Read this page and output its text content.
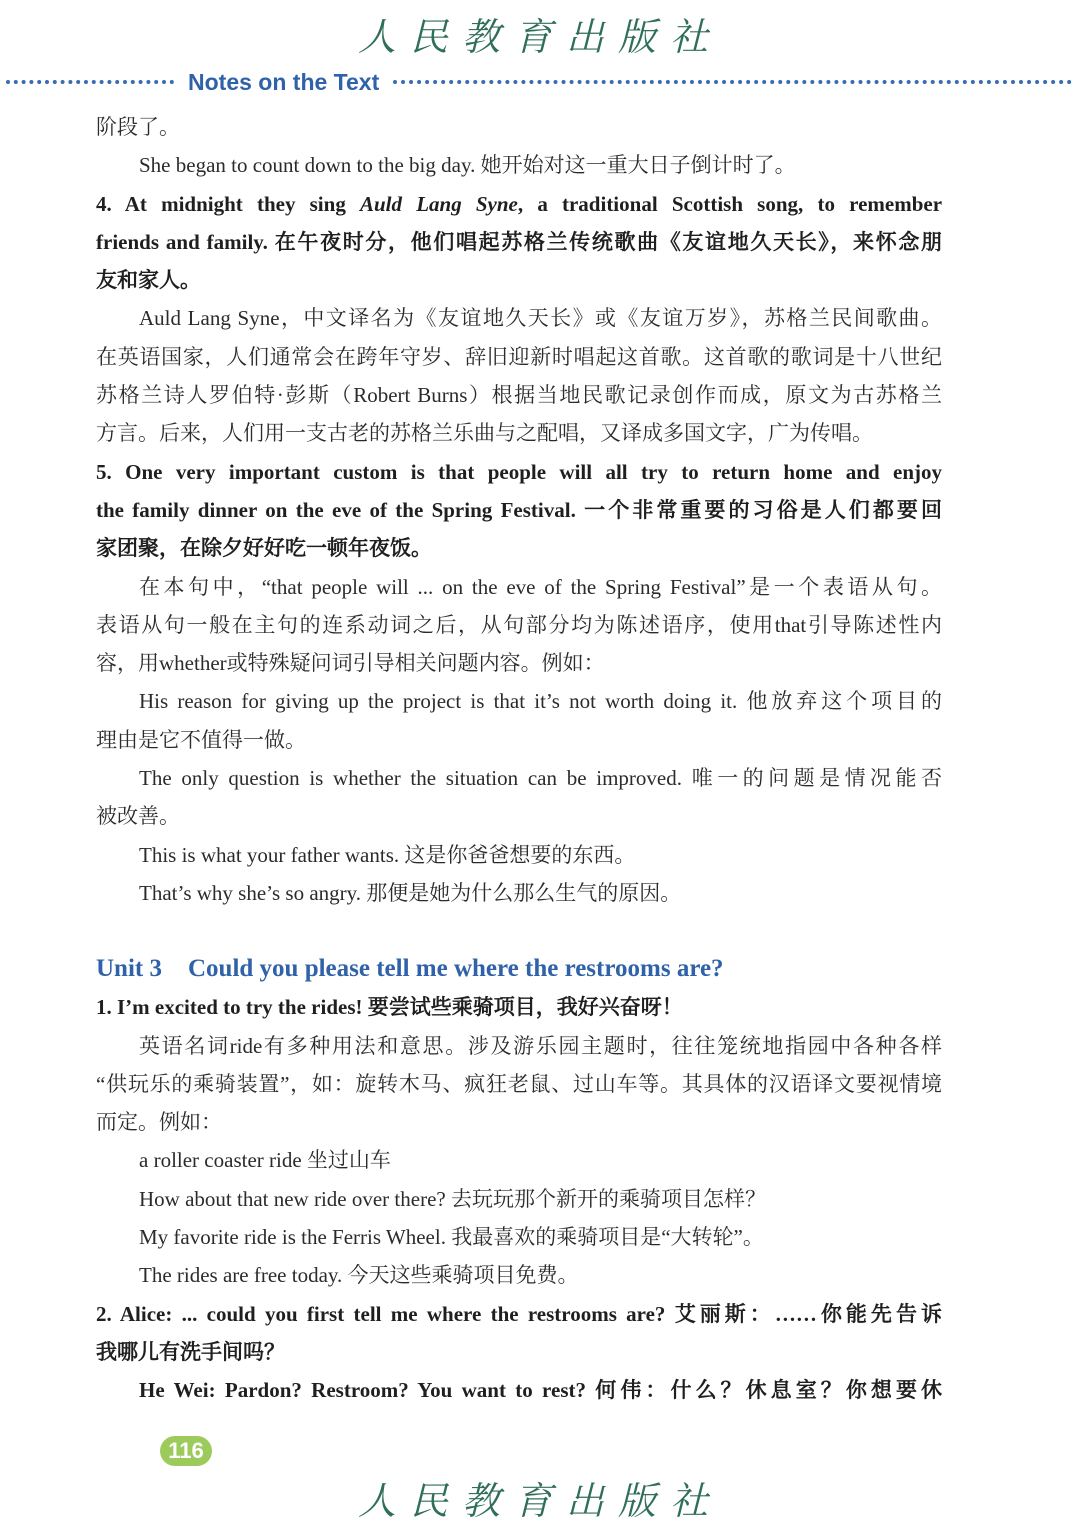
人民教育出版社
Notes on the Text
阶段了。
She began to count down to the big day. 她开始对这一重大日子倒计时了。
4. At midnight they sing Auld Lang Syne, a traditional Scottish song, to remember
friends and family. 在午夜时分，他们唱起苏格兰传统歌曲《友谊地久天长》，来怀念朋
友和家人。
Auld Lang Syne，中文译名为《友谊地久天长》或《友谊万岁》，苏格兰民间歌曲。
在英语国家，人们通常会在跨年守岁、辞旧迎新时唱起这首歌。这首歌的歌词是十八世纪
苏格兰诗人罗伯特·彭斯（Robert Burns）根据当地民歌记录创作而成，原文为古苏格兰
方言。后来，人们用一支古老的苏格兰乐曲与之配唱，又译成多国文字，广为传唱。
5. One very important custom is that people will all try to return home and enjoy
the family dinner on the eve of the Spring Festival. 一个非常重要的习俗是人们都要回
家团聚，在除夕好好吃一顿年夜饭。
在本句中，“that people will ... on the eve of the Spring Festival”是一个表语从句。
表语从句一般在主句的连系动词之后，从句部分均为陈述语序，使用that引导陈述性内
容，用whether或特殊疑问词引导相关问题内容。例如：
His reason for giving up the project is that it’s not worth doing it. 他放弃这个项目的
理由是它不值得一做。
The only question is whether the situation can be improved. 唯一的问题是情况能否
被改善。
This is what your father wants. 这是你爸爸想要的东西。
That’s why she’s so angry. 那便是她为什么那么生气的原因。
Unit 3 Could you please tell me where the restrooms are?
1. I’m excited to try the rides! 要尝试些乘骑项目，我好兴奋呀！
英语名词ride有多种用法和意思。涉及游乐园主题时，往往笼统地指园中各种各样
“供玩乐的乘骑装置”，如：旋转木马、疯狂老鼠、过山车等。其具体的汉语译文要视情境
而定。例如：
a roller coaster ride 坐过山车
How about that new ride over there? 去玩玩那个新开的乘骑项目怎样？
My favorite ride is the Ferris Wheel. 我最喜欢的乘骑项目是“大转轮”。
The rides are free today. 今天这些乘骑项目免费。
2. Alice: ... could you first tell me where the restrooms are? 艾丽斯：……你能先告诉
我哪儿有洗手间吗？
He Wei: Pardon? Restroom? You want to rest? 何伟：什么？休息室？你想要休
116
人民教育出版社
